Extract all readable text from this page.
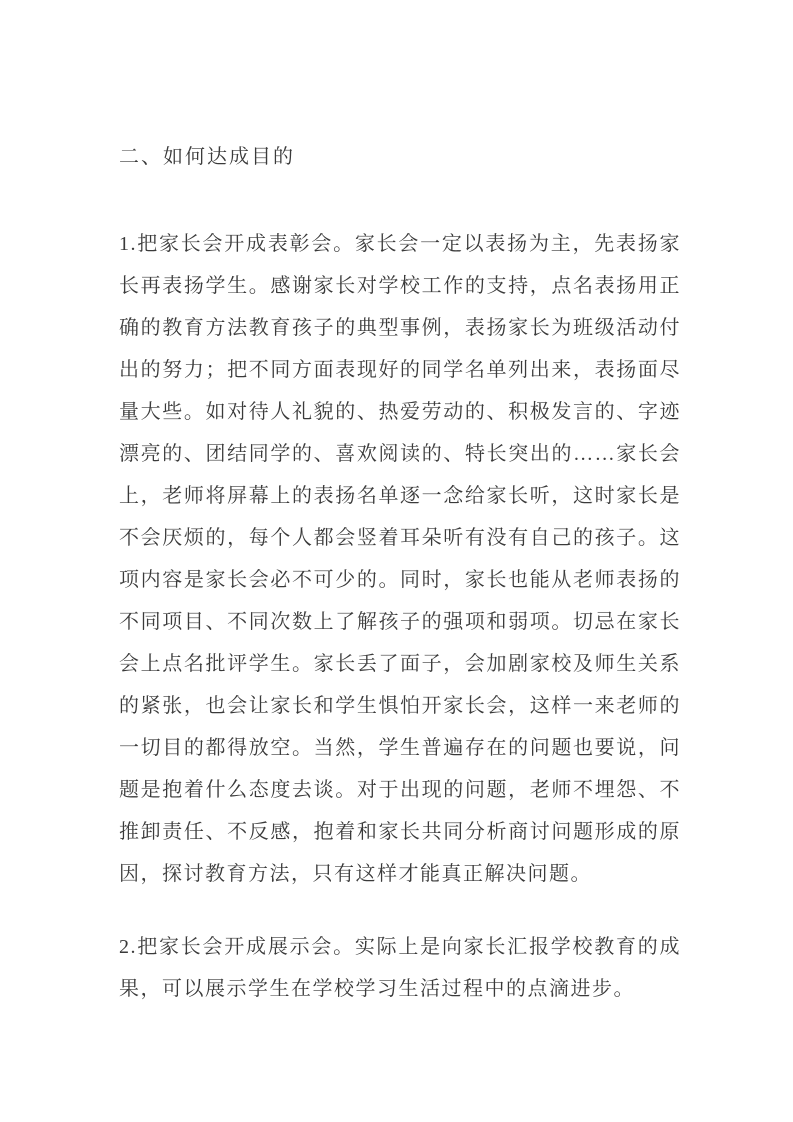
二、如何达成目的

1.把家长会开成表彰会。家长会一定以表扬为主，先表扬家长再表扬学生。感谢家长对学校工作的支持，点名表扬用正确的教育方法教育孩子的典型事例，表扬家长为班级活动付出的努力；把不同方面表现好的同学名单列出来，表扬面尽量大些。如对待人礼貌的、热爱劳动的、积极发言的、字迹漂亮的、团结同学的、喜欢阅读的、特长突出的……家长会上，老师将屏幕上的表扬名单逐一念给家长听，这时家长是不会厌烦的，每个人都会竖着耳朵听有没有自己的孩子。这项内容是家长会必不可少的。同时，家长也能从老师表扬的不同项目、不同次数上了解孩子的强项和弱项。切忌在家长会上点名批评学生。家长丢了面子，会加剧家校及师生关系的紧张，也会让家长和学生惧怕开家长会，这样一来老师的一切目的都得放空。当然，学生普遍存在的问题也要说，问题是抱着什么态度去谈。对于出现的问题，老师不埋怨、不推卸责任、不反感，抱着和家长共同分析商讨问题形成的原因，探讨教育方法，只有这样才能真正解决问题。

2.把家长会开成展示会。实际上是向家长汇报学校教育的成果，可以展示学生在学校学习生活过程中的点滴进步。
